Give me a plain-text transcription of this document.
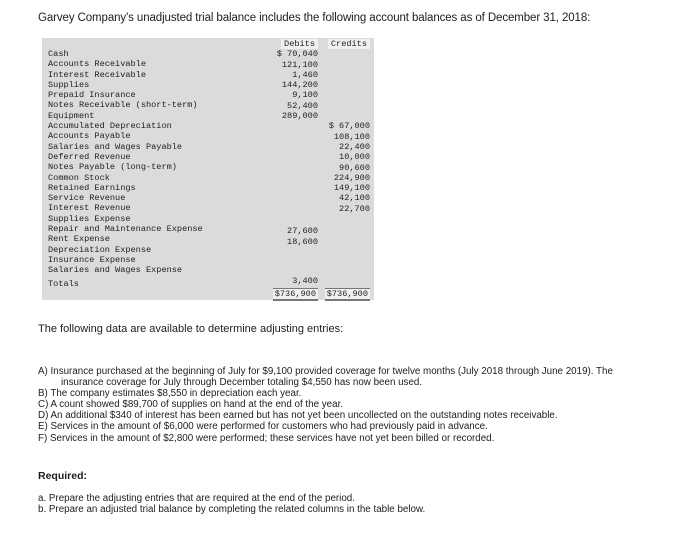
Garvey Company's unadjusted trial balance includes the following account balances as of December 31, 2018:
Cash
Accounts Receivable
Interest Receivable
Supplies
Prepaid Insurance
Notes Receivable (short-term)
Equipment
Accumulated Depreciation
Accounts Payable
Salaries and Wages Payable
Deferred Revenue
Notes Payable (long-term)
Common Stock
Retained Earnings
Service Revenue
Interest Revenue
Supplies Expense
Repair and Maintenance Expense
Rent Expense
Depreciation Expense
Insurance Expense
Salaries and Wages Expense
Totals
Debits
$ 70,040
121,100
1,460
144,200
9,100
52,400
289,000
27,600
18,600
3,400
$736,900
Credits
$ 67,000
108,100
22,400
10,000
90,600
224,900
149,100
42,100
22,700
$736,900
The following data are available to determine adjusting entries:
A) Insurance purchased at the beginning of July for $9,100 provided coverage for twelve months (July 2018 through June 2019). The
insurance coverage for July through December totaling $4,550 has now been used.
B) The company estimates $8,550 in depreciation each year.
C) A count showed $89,700 of supplies on hand at the end of the year.
D) An additional $340 of interest has been earned but has not yet been uncollected on the outstanding notes receivable.
E) Services in the amount of $6,000 were performed for customers who had previously paid in advance.
F) Services in the amount of $2,800 were performed; these services have not yet been billed or recorded.
Required:
a. Prepare the adjusting entries that are required at the end of the period.
b. Prepare an adjusted trial balance by completing the related columns in the table below.
